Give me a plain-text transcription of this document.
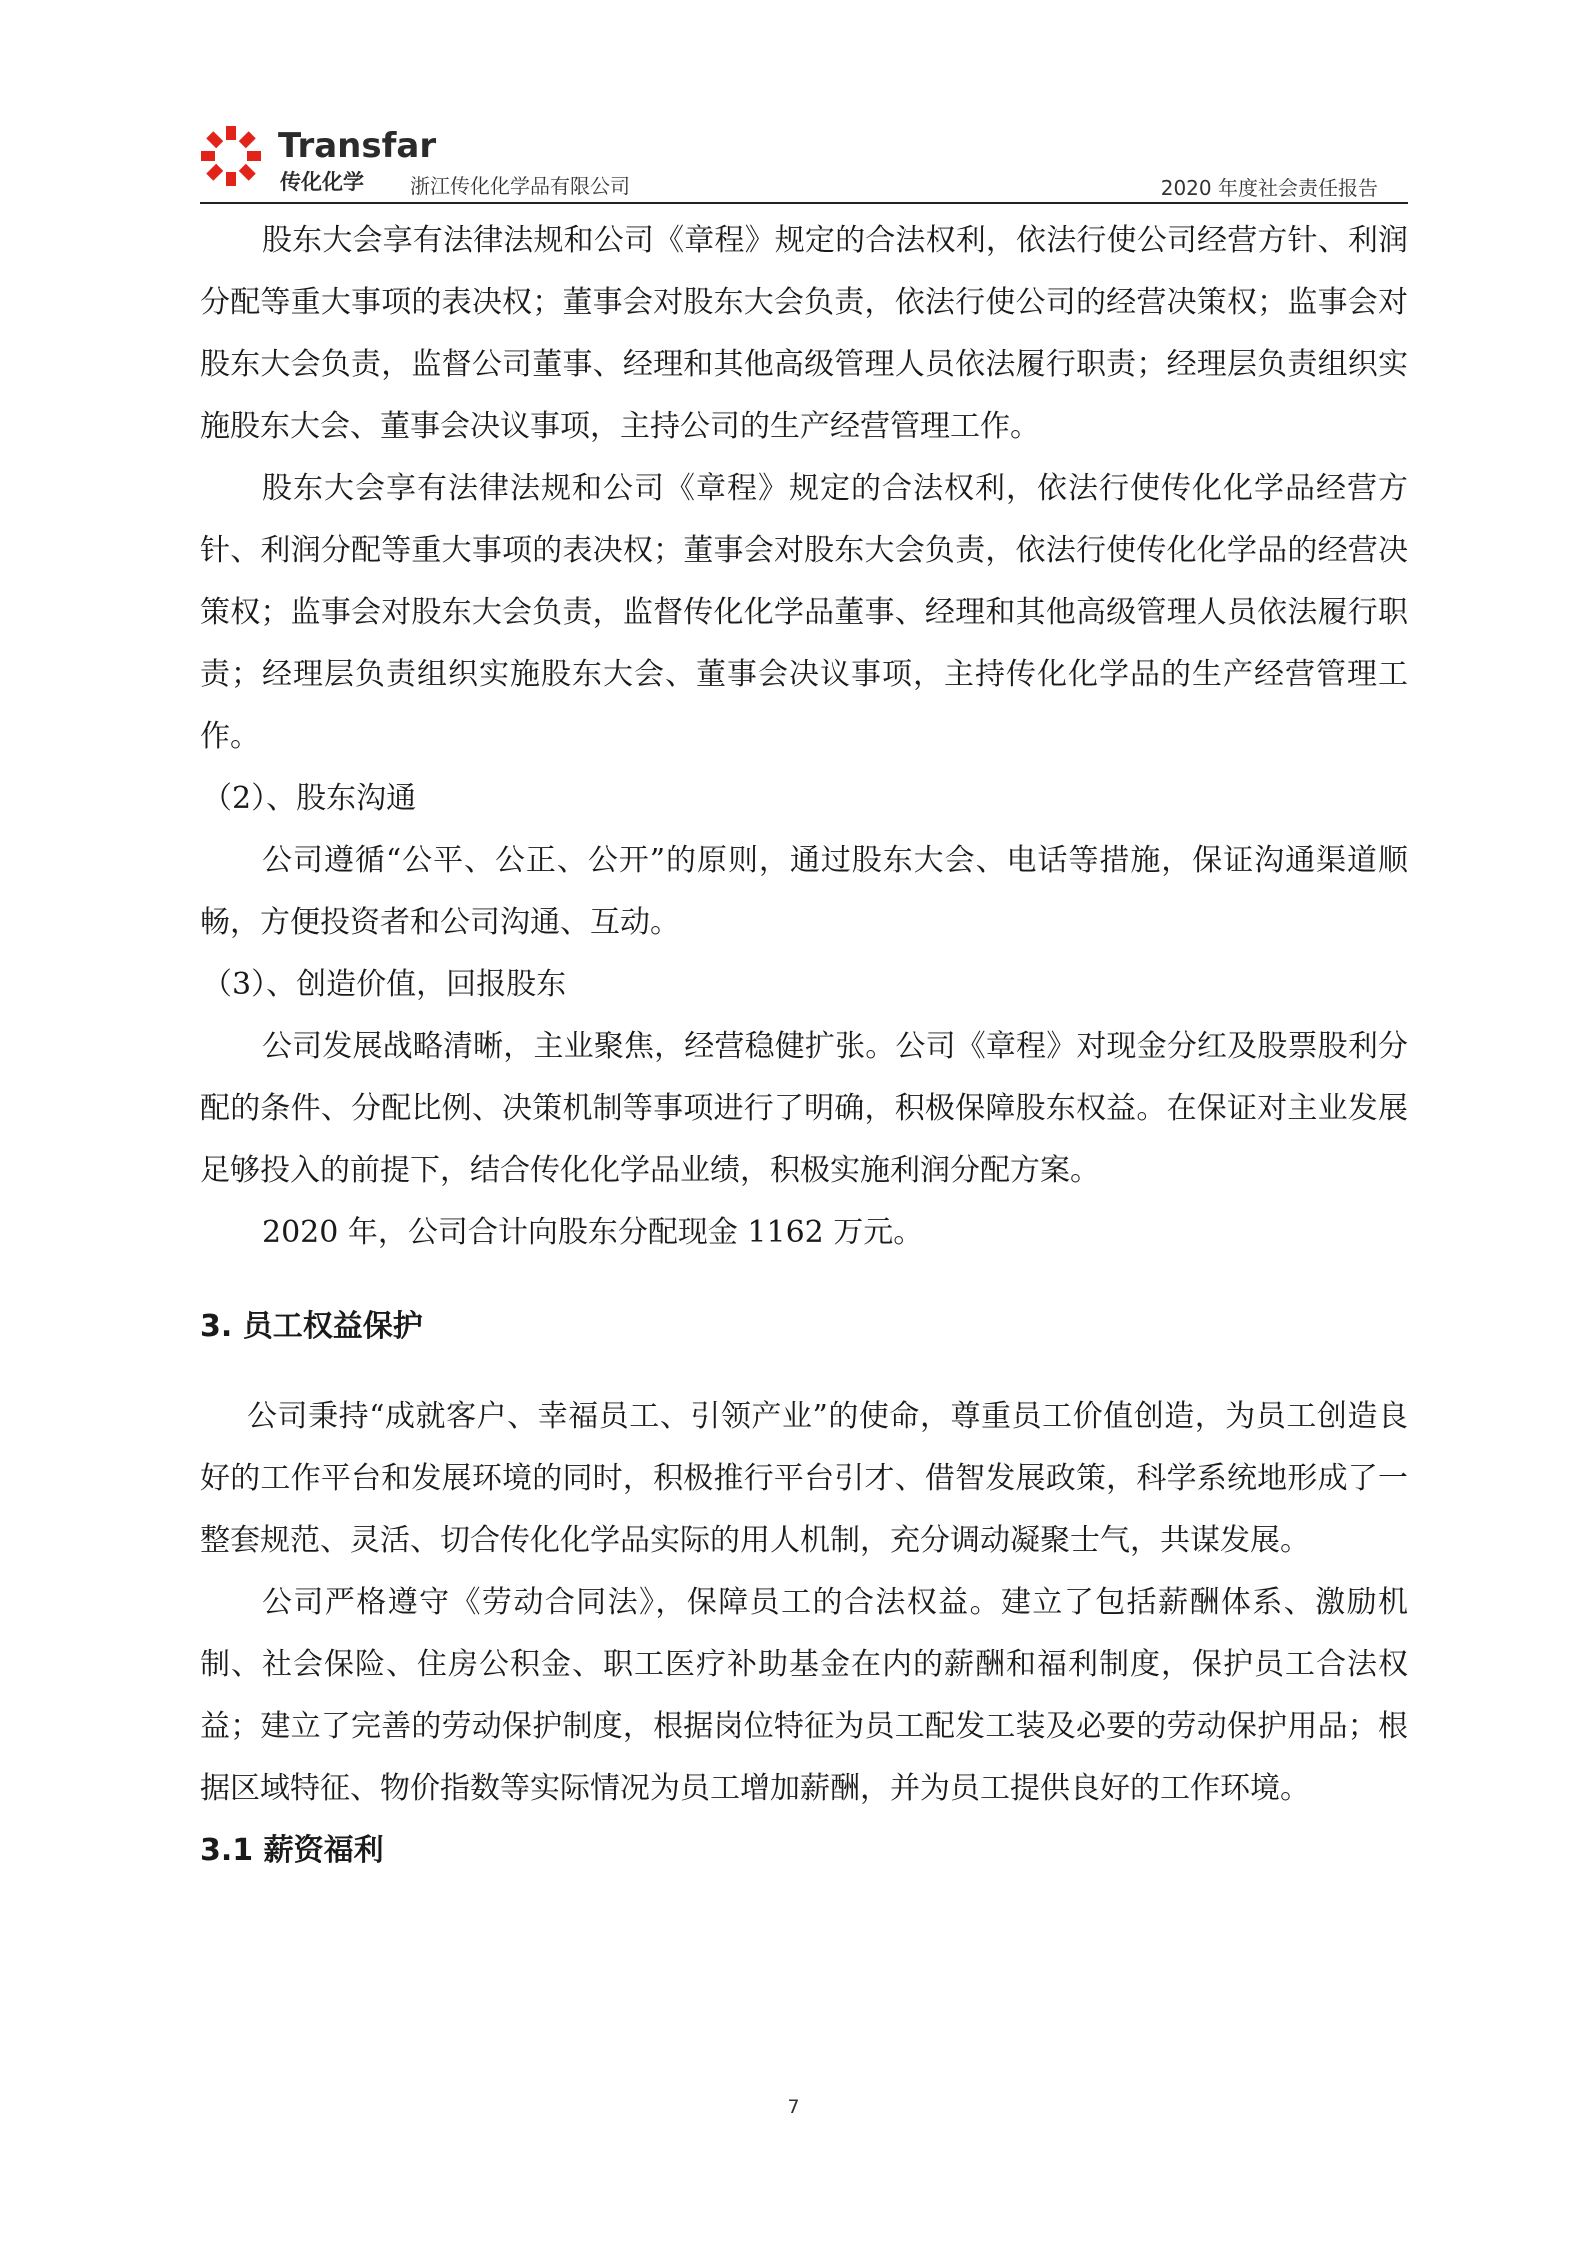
Transfar
传化化学 浙江传化化学品有限公司	2020 年度社会责任报告

股东大会享有法律法规和公司《章程》规定的合法权利，依法行使公司经营方针、利润分配等重大事项的表决权；董事会对股东大会负责，依法行使公司的经营决策权；监事会对股东大会负责，监督公司董事、经理和其他高级管理人员依法履行职责；经理层负责组织实施股东大会、董事会决议事项，主持公司的生产经营管理工作。

股东大会享有法律法规和公司《章程》规定的合法权利，依法行使传化化学品经营方针、利润分配等重大事项的表决权；董事会对股东大会负责，依法行使传化化学品的经营决策权；监事会对股东大会负责，监督传化化学品董事、经理和其他高级管理人员依法履行职责；经理层负责组织实施股东大会、董事会决议事项，主持传化化学品的生产经营管理工作。

（2）、股东沟通

公司遵循“公平、公正、公开”的原则，通过股东大会、电话等措施，保证沟通渠道顺畅，方便投资者和公司沟通、互动。

（3）、创造价值，回报股东

公司发展战略清晰，主业聚焦，经营稳健扩张。公司《章程》对现金分红及股票股利分配的条件、分配比例、决策机制等事项进行了明确，积极保障股东权益。在保证对主业发展足够投入的前提下，结合传化化学品业绩，积极实施利润分配方案。

2020 年，公司合计向股东分配现金 1162 万元。

3. 员工权益保护

公司秉持“成就客户、幸福员工、引领产业”的使命，尊重员工价值创造，为员工创造良好的工作平台和发展环境的同时，积极推行平台引才、借智发展政策，科学系统地形成了一整套规范、灵活、切合传化化学品实际的用人机制，充分调动凝聚士气，共谋发展。

公司严格遵守《劳动合同法》，保障员工的合法权益。建立了包括薪酬体系、激励机制、社会保险、住房公积金、职工医疗补助基金在内的薪酬和福利制度，保护员工合法权益；建立了完善的劳动保护制度，根据岗位特征为员工配发工装及必要的劳动保护用品；根据区域特征、物价指数等实际情况为员工增加薪酬，并为员工提供良好的工作环境。

3.1 薪资福利
7
